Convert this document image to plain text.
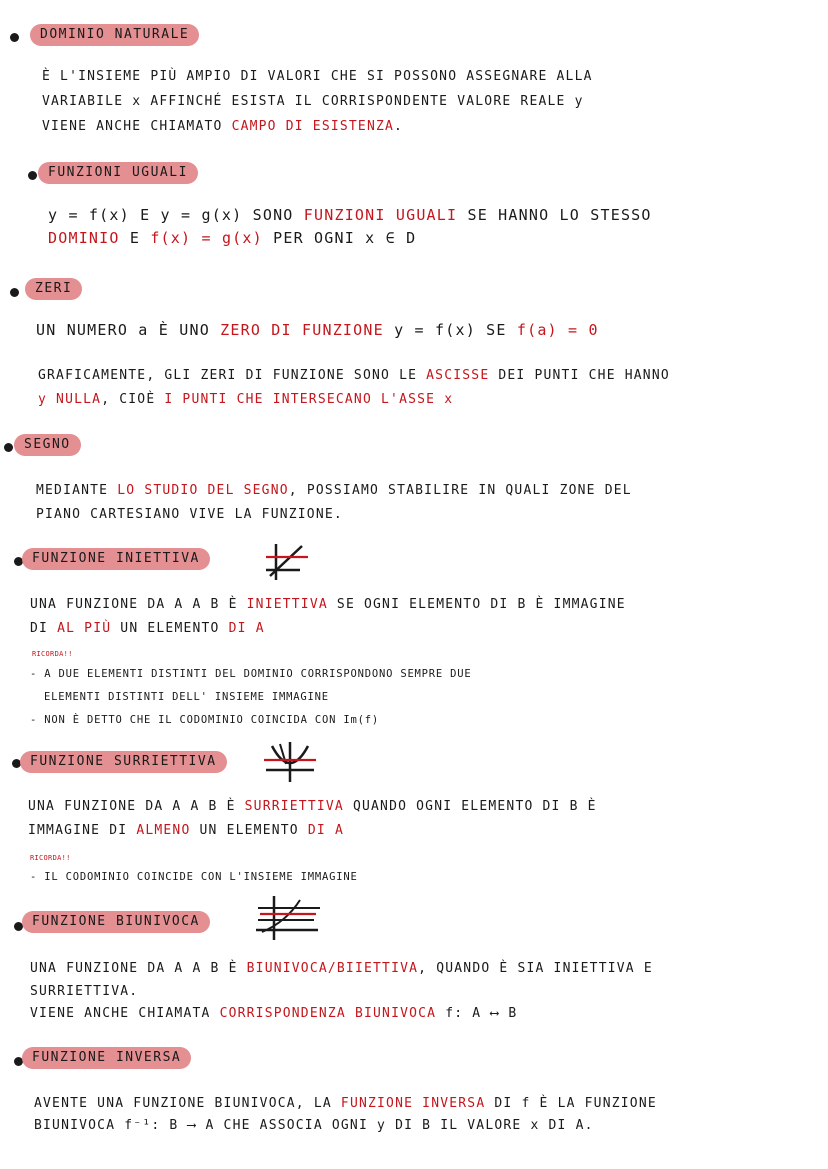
DOMINIO NATURALE
È L'INSIEME PIÙ AMPIO DI VALORI CHE SI POSSONO ASSEGNARE ALLA
VARIABILE x AFFINCHÉ ESISTA IL CORRISPONDENTE VALORE REALE y
VIENE ANCHE CHIAMATO CAMPO DI ESISTENZA.
FUNZIONI UGUALI
y = f(x) E y = g(x) SONO FUNZIONI UGUALI SE HANNO LO STESSO
DOMINIO E f(x) = g(x) PER OGNI x ∈ D
ZERI
UN NUMERO a È UNO ZERO DI FUNZIONE y = f(x) SE f(a) = 0
GRAFICAMENTE, GLI ZERI DI FUNZIONE SONO LE ASCISSE DEI PUNTI CHE HANNO
y NULLA, CIOÈ I PUNTI CHE INTERSECANO L'ASSE x
SEGNO
MEDIANTE LO STUDIO DEL SEGNO, POSSIAMO STABILIRE IN QUALI ZONE DEL
PIANO CARTESIANO VIVE LA FUNZIONE.
FUNZIONE INIETTIVA
UNA FUNZIONE DA A A B È INIETTIVA SE OGNI ELEMENTO DI B È IMMAGINE
DI AL PIÙ UN ELEMENTO DI A
RICORDA!!
- A DUE ELEMENTI DISTINTI DEL DOMINIO CORRISPONDONO SEMPRE DUE
ELEMENTI DISTINTI DELL' INSIEME IMMAGINE
- NON È DETTO CHE IL CODOMINIO COINCIDA CON Im(f)
FUNZIONE SURRIETTIVA
UNA FUNZIONE DA A A B È SURRIETTIVA QUANDO OGNI ELEMENTO DI B È
IMMAGINE DI ALMENO UN ELEMENTO DI A
RICORDA!!
- IL CODOMINIO COINCIDE CON L'INSIEME IMMAGINE
FUNZIONE BIUNIVOCA
UNA FUNZIONE DA A A B È BIUNIVOCA/BIIETTIVA, QUANDO È SIA INIETTIVA E
SURRIETTIVA.
VIENE ANCHE CHIAMATA CORRISPONDENZA BIUNIVOCA f: A ⟷ B
FUNZIONE INVERSA
AVENTE UNA FUNZIONE BIUNIVOCA, LA FUNZIONE INVERSA DI f È LA FUNZIONE
BIUNIVOCA f⁻¹: B ⟶ A CHE ASSOCIA OGNI y DI B IL VALORE x DI A.
